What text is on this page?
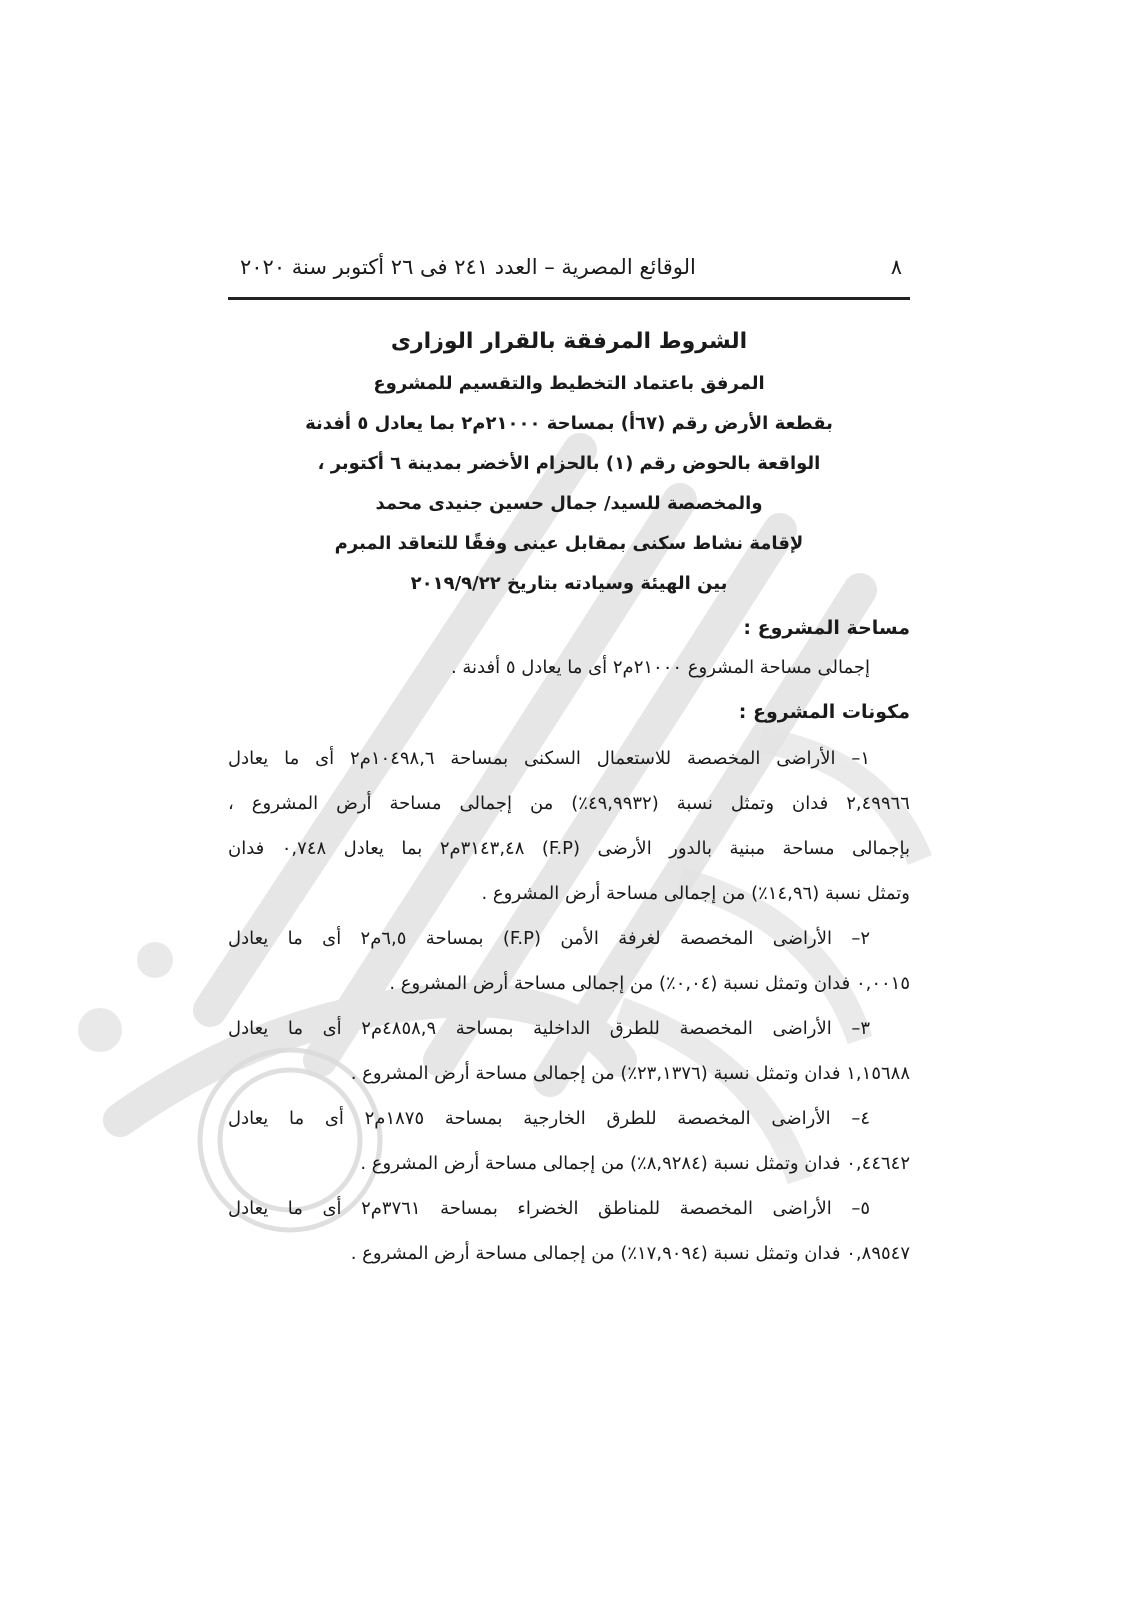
٨
الوقائع المصرية – العدد ٢٤١ فى ٢٦ أكتوبر سنة ٢٠٢٠
الشروط المرفقة بالقرار الوزارى
المرفق باعتماد التخطيط والتقسيم للمشروع
بقطعة الأرض رقم (٦٧أ) بمساحة ٢١٠٠٠م٢ بما يعادل ٥ أفدنة
الواقعة بالحوض رقم (١) بالحزام الأخضر بمدينة ٦ أكتوبر ،
والمخصصة للسيد/ جمال حسين جنيدى محمد
لإقامة نشاط سكنى بمقابل عينى وفقًا للتعاقد المبرم
بين الهيئة وسيادته بتاريخ ٢٠١٩/٩/٢٢
مساحة المشروع :
إجمالى مساحة المشروع ٢١٠٠٠م٢ أى ما يعادل ٥ أفدنة .
مكونات المشروع :

١– الأراضى المخصصة للاستعمال السكنى بمساحة ١٠٤٩٨,٦م٢ أى ما يعادل

٢,٤٩٩٦٦ فدان وتمثل نسبة (٤٩,٩٩٣٢٪) من إجمالى مساحة أرض المشروع ،

بإجمالى مساحة مبنية بالدور الأرضى (F.P) ٣١٤٣,٤٨م٢ بما يعادل ٠,٧٤٨ فدان

وتمثل نسبة (١٤,٩٦٪) من إجمالى مساحة أرض المشروع .

٢– الأراضى المخصصة لغرفة الأمن (F.P) بمساحة ٦,٥م٢ أى ما يعادل

٠,٠٠١٥ فدان وتمثل نسبة (٠,٠٤٪) من إجمالى مساحة أرض المشروع .

٣– الأراضى المخصصة للطرق الداخلية بمساحة ٤٨٥٨,٩م٢ أى ما يعادل

١,١٥٦٨٨ فدان وتمثل نسبة (٢٣,١٣٧٦٪) من إجمالى مساحة أرض المشروع .

٤– الأراضى المخصصة للطرق الخارجية بمساحة ١٨٧٥م٢ أى ما يعادل

٠,٤٤٦٤٢ فدان وتمثل نسبة (٨,٩٢٨٤٪) من إجمالى مساحة أرض المشروع .

٥– الأراضى المخصصة للمناطق الخضراء بمساحة ٣٧٦١م٢ أى ما يعادل

٠,٨٩٥٤٧ فدان وتمثل نسبة (١٧,٩٠٩٤٪) من إجمالى مساحة أرض المشروع .
